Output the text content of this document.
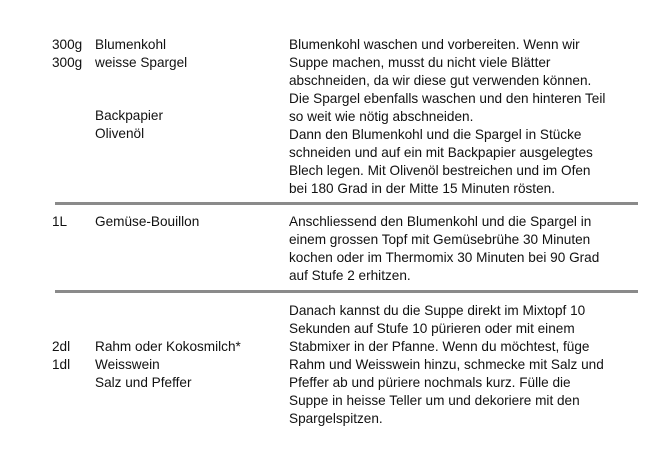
300g Blumenkohl
300g weisse Spargel
Backpapier
Olivenöl
Blumenkohl waschen und vorbereiten. Wenn wir
Suppe machen, musst du nicht viele Blätter
abschneiden, da wir diese gut verwenden können.
Die Spargel ebenfalls waschen und den hinteren Teil
so weit wie nötig abschneiden.
Dann den Blumenkohl und die Spargel in Stücke
schneiden und auf ein mit Backpapier ausgelegtes
Blech legen. Mit Olivenöl bestreichen und im Ofen
bei 180 Grad in der Mitte 15 Minuten rösten.
1L Gemüse-Bouillon	Anschliessend den Blumenkohl und die Spargel in
einem grossen Topf mit Gemüsebrühe 30 Minuten
kochen oder im Thermomix 30 Minuten bei 90 Grad
auf Stufe 2 erhitzen.
2dl Rahm oder Kokosmilch*
1dl Weisswein
Salz und Pfeffer
Danach kannst du die Suppe direkt im Mixtopf 10
Sekunden auf Stufe 10 pürieren oder mit einem
Stabmixer in der Pfanne. Wenn du möchtest, füge
Rahm und Weisswein hinzu, schmecke mit Salz und
Pfeffer ab und püriere nochmals kurz. Fülle die
Suppe in heisse Teller um und dekoriere mit den
Spargelspitzen.
